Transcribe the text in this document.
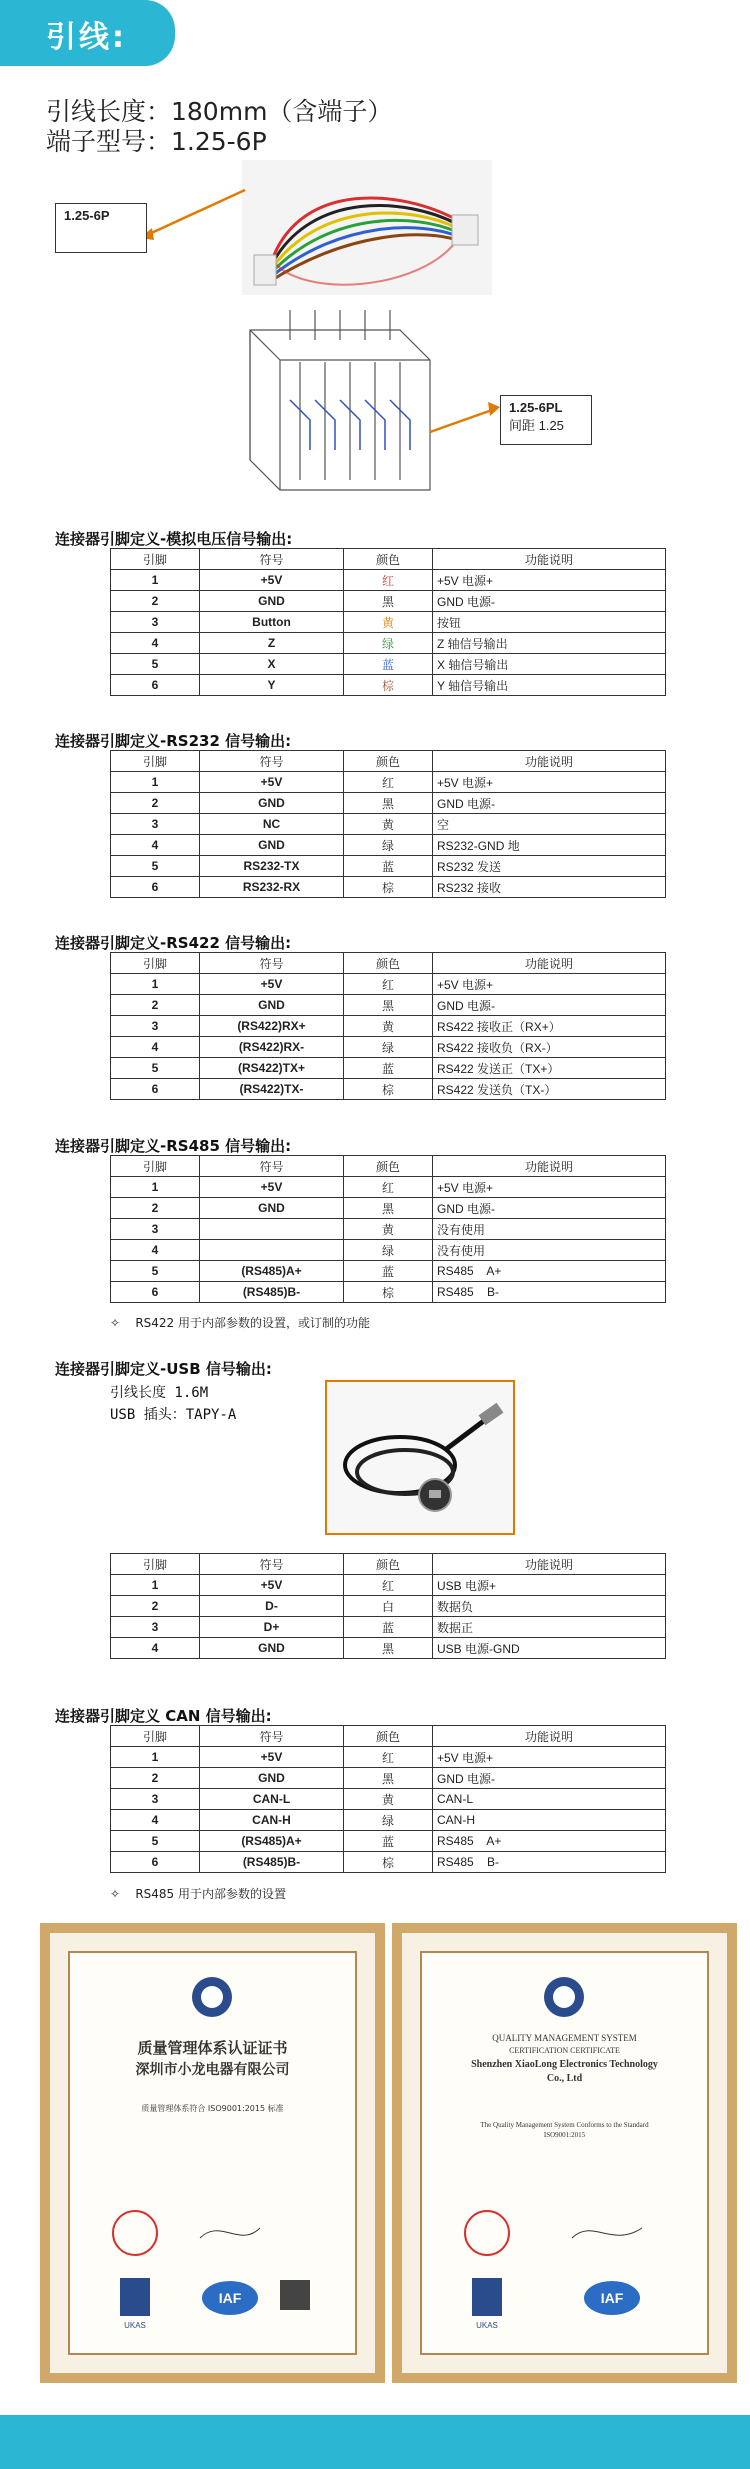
引线:
引线长度：180mm（含端子）
端子型号：1.25-6P
1.25-6P
1.25-6PL
间距 1.25
连接器引脚定义-模拟电压信号输出:
引脚	符号	颜色	功能说明
1	+5V	红	+5V 电源+
2	GND	黑	GND 电源-
3	Button	黄	按钮
4	Z	绿	Z 轴信号输出
5	X	蓝	X 轴信号输出
6	Y	棕	Y 轴信号输出
连接器引脚定义-RS232 信号输出:
引脚	符号	颜色	功能说明
1	+5V	红	+5V 电源+
2	GND	黑	GND 电源-
3	NC	黄	空
4	GND	绿	RS232-GND 地
5	RS232-TX	蓝	RS232 发送
6	RS232-RX	棕	RS232 接收
连接器引脚定义-RS422 信号输出:
引脚	符号	颜色	功能说明
1	+5V	红	+5V 电源+
2	GND	黑	GND 电源-
3	(RS422)RX+	黄	RS422 接收正（RX+）
4	(RS422)RX-	绿	RS422 接收负（RX-）
5	(RS422)TX+	蓝	RS422 发送正（TX+）
6	(RS422)TX-	棕	RS422 发送负（TX-）
连接器引脚定义-RS485 信号输出:
引脚	符号	颜色	功能说明
1	+5V	红	+5V 电源+
2	GND	黑	GND 电源-
3		黄	没有使用
4		绿	没有使用
5	(RS485)A+	蓝	RS485    A+
6	(RS485)B-	棕	RS485    B-
✧    RS422 用于内部参数的设置，或订制的功能
连接器引脚定义-USB 信号输出:
引线长度 1.6M
USB 插头：TAPY-A
引脚	符号	颜色	功能说明
1	+5V	红	USB 电源+
2	D-	白	数据负
3	D+	蓝	数据正
4	GND	黑	USB 电源-GND
连接器引脚定义 CAN 信号输出:
引脚	符号	颜色	功能说明
1	+5V	红	+5V 电源+
2	GND	黑	GND 电源-
3	CAN-L	黄	CAN-L
4	CAN-H	绿	CAN-H
5	(RS485)A+	蓝	RS485    A+
6	(RS485)B-	棕	RS485    B-
✧    RS485 用于内部参数的设置
质量管理体系认证证书
深圳市小龙电器有限公司
质量管理体系符合 ISO9001:2015 标准
UKAS
IAF
QUALITY MANAGEMENT SYSTEM
CERTIFICATION CERTIFICATE
Shenzhen XiaoLong Electronics Technology
Co., Ltd
The Quality Management System Conforms to the Standard
ISO9001:2015
UKAS
IAF
